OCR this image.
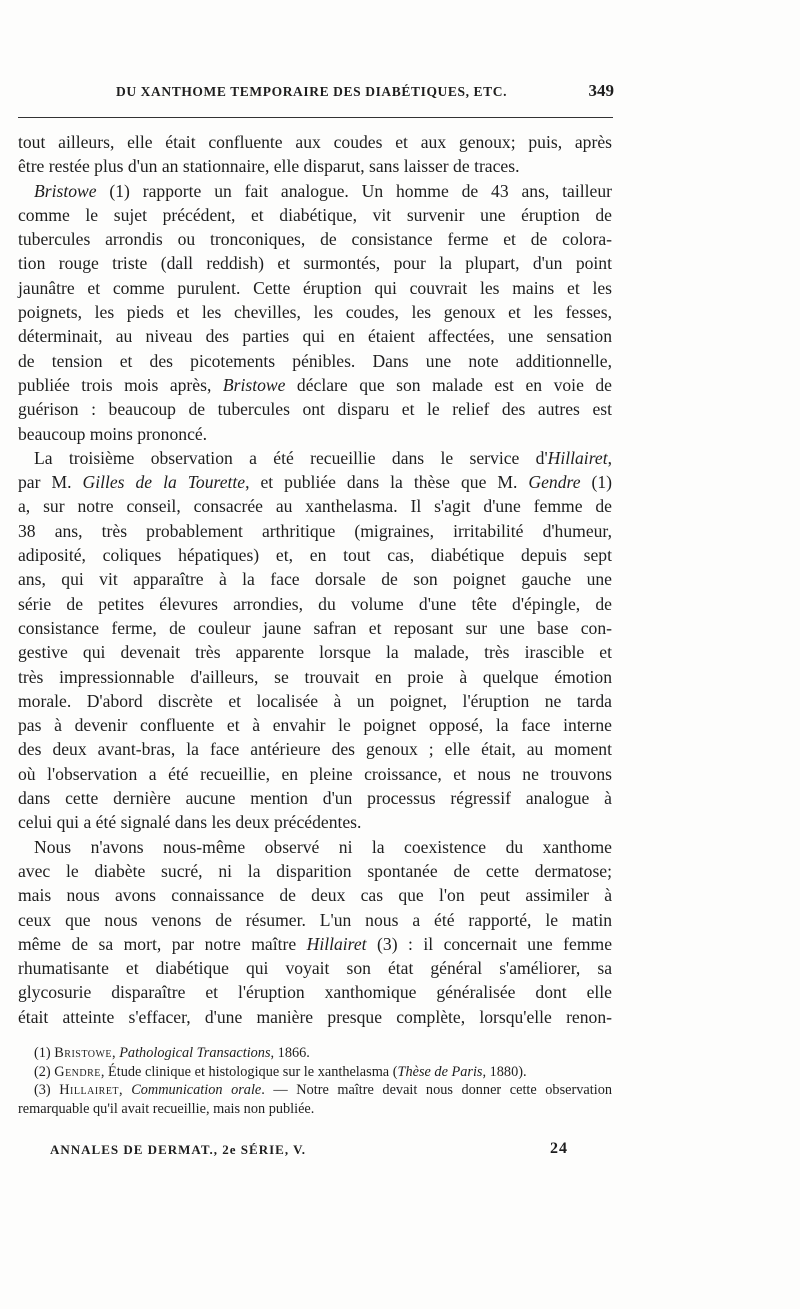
DU XANTHOME TEMPORAIRE DES DIABÉTIQUES, ETC.	349

tout ailleurs, elle était confluente aux coudes et aux genoux; puis, après

être restée plus d'un an stationnaire, elle disparut, sans laisser de traces.

Bristowe (1) rapporte un fait analogue. Un homme de 43 ans, tailleur

comme le sujet précédent, et diabétique, vit survenir une éruption de

tubercules arrondis ou tronconiques, de consistance ferme et de colora-

tion rouge triste (dall reddish) et surmontés, pour la plupart, d'un point

jaunâtre et comme purulent. Cette éruption qui couvrait les mains et les

poignets, les pieds et les chevilles, les coudes, les genoux et les fesses,

déterminait, au niveau des parties qui en étaient affectées, une sensation

de tension et des picotements pénibles. Dans une note additionnelle,

publiée trois mois après, Bristowe déclare que son malade est en voie de

guérison : beaucoup de tubercules ont disparu et le relief des autres est

beaucoup moins prononcé.

La troisième observation a été recueillie dans le service d'Hillairet,

par M. Gilles de la Tourette, et publiée dans la thèse que M. Gendre (1)

a, sur notre conseil, consacrée au xanthelasma. Il s'agit d'une femme de

38 ans, très probablement arthritique (migraines, irritabilité d'humeur,

adiposité, coliques hépatiques) et, en tout cas, diabétique depuis sept

ans, qui vit apparaître à la face dorsale de son poignet gauche une

série de petites élevures arrondies, du volume d'une tête d'épingle, de

consistance ferme, de couleur jaune safran et reposant sur une base con-

gestive qui devenait très apparente lorsque la malade, très irascible et

très impressionnable d'ailleurs, se trouvait en proie à quelque émotion

morale. D'abord discrète et localisée à un poignet, l'éruption ne tarda

pas à devenir confluente et à envahir le poignet opposé, la face interne

des deux avant-bras, la face antérieure des genoux ; elle était, au moment

où l'observation a été recueillie, en pleine croissance, et nous ne trouvons

dans cette dernière aucune mention d'un processus régressif analogue à

celui qui a été signalé dans les deux précédentes.

Nous n'avons nous-même observé ni la coexistence du xanthome

avec le diabète sucré, ni la disparition spontanée de cette dermatose;

mais nous avons connaissance de deux cas que l'on peut assimiler à

ceux que nous venons de résumer. L'un nous a été rapporté, le matin

même de sa mort, par notre maître Hillairet (3) : il concernait une femme

rhumatisante et diabétique qui voyait son état général s'améliorer, sa

glycosurie disparaître et l'éruption xanthomique généralisée dont elle

était atteinte s'effacer, d'une manière presque complète, lorsqu'elle renon-

(1) Bristowe, Pathological Transactions, 1866.

(2) Gendre, Étude clinique et histologique sur le xanthelasma (Thèse de Paris, 1880).

(3) Hillairet, Communication orale. — Notre maître devait nous donner cette observation remarquable qu'il avait recueillie, mais non publiée.

ANNALES DE DERMAT., 2e SÉRIE, V.	24
